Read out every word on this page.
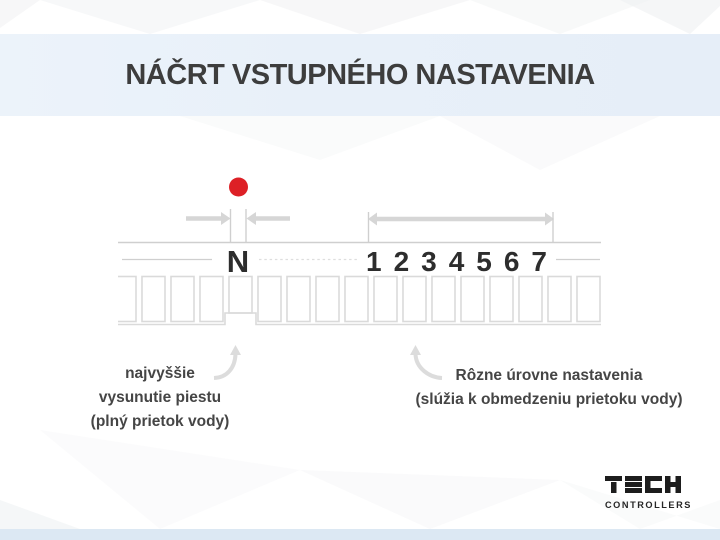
NÁČRT VSTUPNÉHO NASTAVENIA
N	1 2 3 4 5 6 7
najvyššie
vysunutie piestu
(plný prietok vody)
Rôzne úrovne nastavenia
(slúžia k obmedzeniu prietoku vody)
CONTROLLERS
